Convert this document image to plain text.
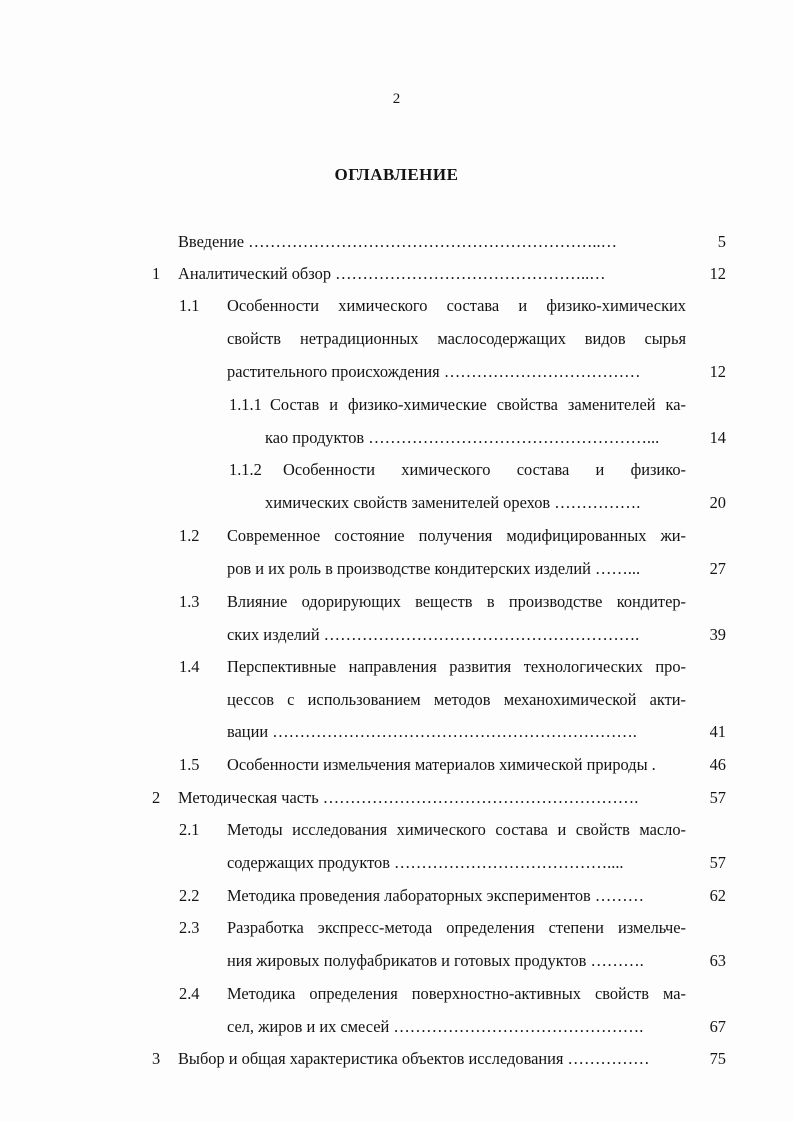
2
ОГЛАВЛЕНИЕ
Введение ………………………………………………………..…	5
1 Аналитический обзор ………………………………………..…	12
1.1 Особенности химического состава и физико-химических
свойств нетрадиционных маслосодержащих видов сырья
растительного происхождения ………………………………	12
1.1.1 Состав и физико-химические свойства заменителей ка-
као продуктов ……………………………………………...	14
1.1.2 Особенности химического состава и физико-
химических свойств заменителей орехов …………….	20
1.2 Современное состояние получения модифицированных жи-
ров и их роль в производстве кондитерских изделий ……...	27
1.3 Влияние одорирующих веществ в производстве кондитер-
ских изделий ………………………………………………….	39
1.4 Перспективные направления развития технологических про-
цессов с использованием методов механохимической акти-
вации ………………………………………………………….	41
1.5 Особенности измельчения материалов химической природы .	46
2 Методическая часть ………………………………………………….	57
2.1 Методы исследования химического состава и свойств масло-
содержащих продуктов …………………………………....	57
2.2 Методика проведения лабораторных экспериментов ………	62
2.3 Разработка экспресс-метода определения степени измельче-
ния жировых полуфабрикатов и готовых продуктов ……….	63
2.4 Методика определения поверхностно-активных свойств ма-
сел, жиров и их смесей ……………………………………….	67
3 Выбор и общая характеристика объектов исследования ……………	75
